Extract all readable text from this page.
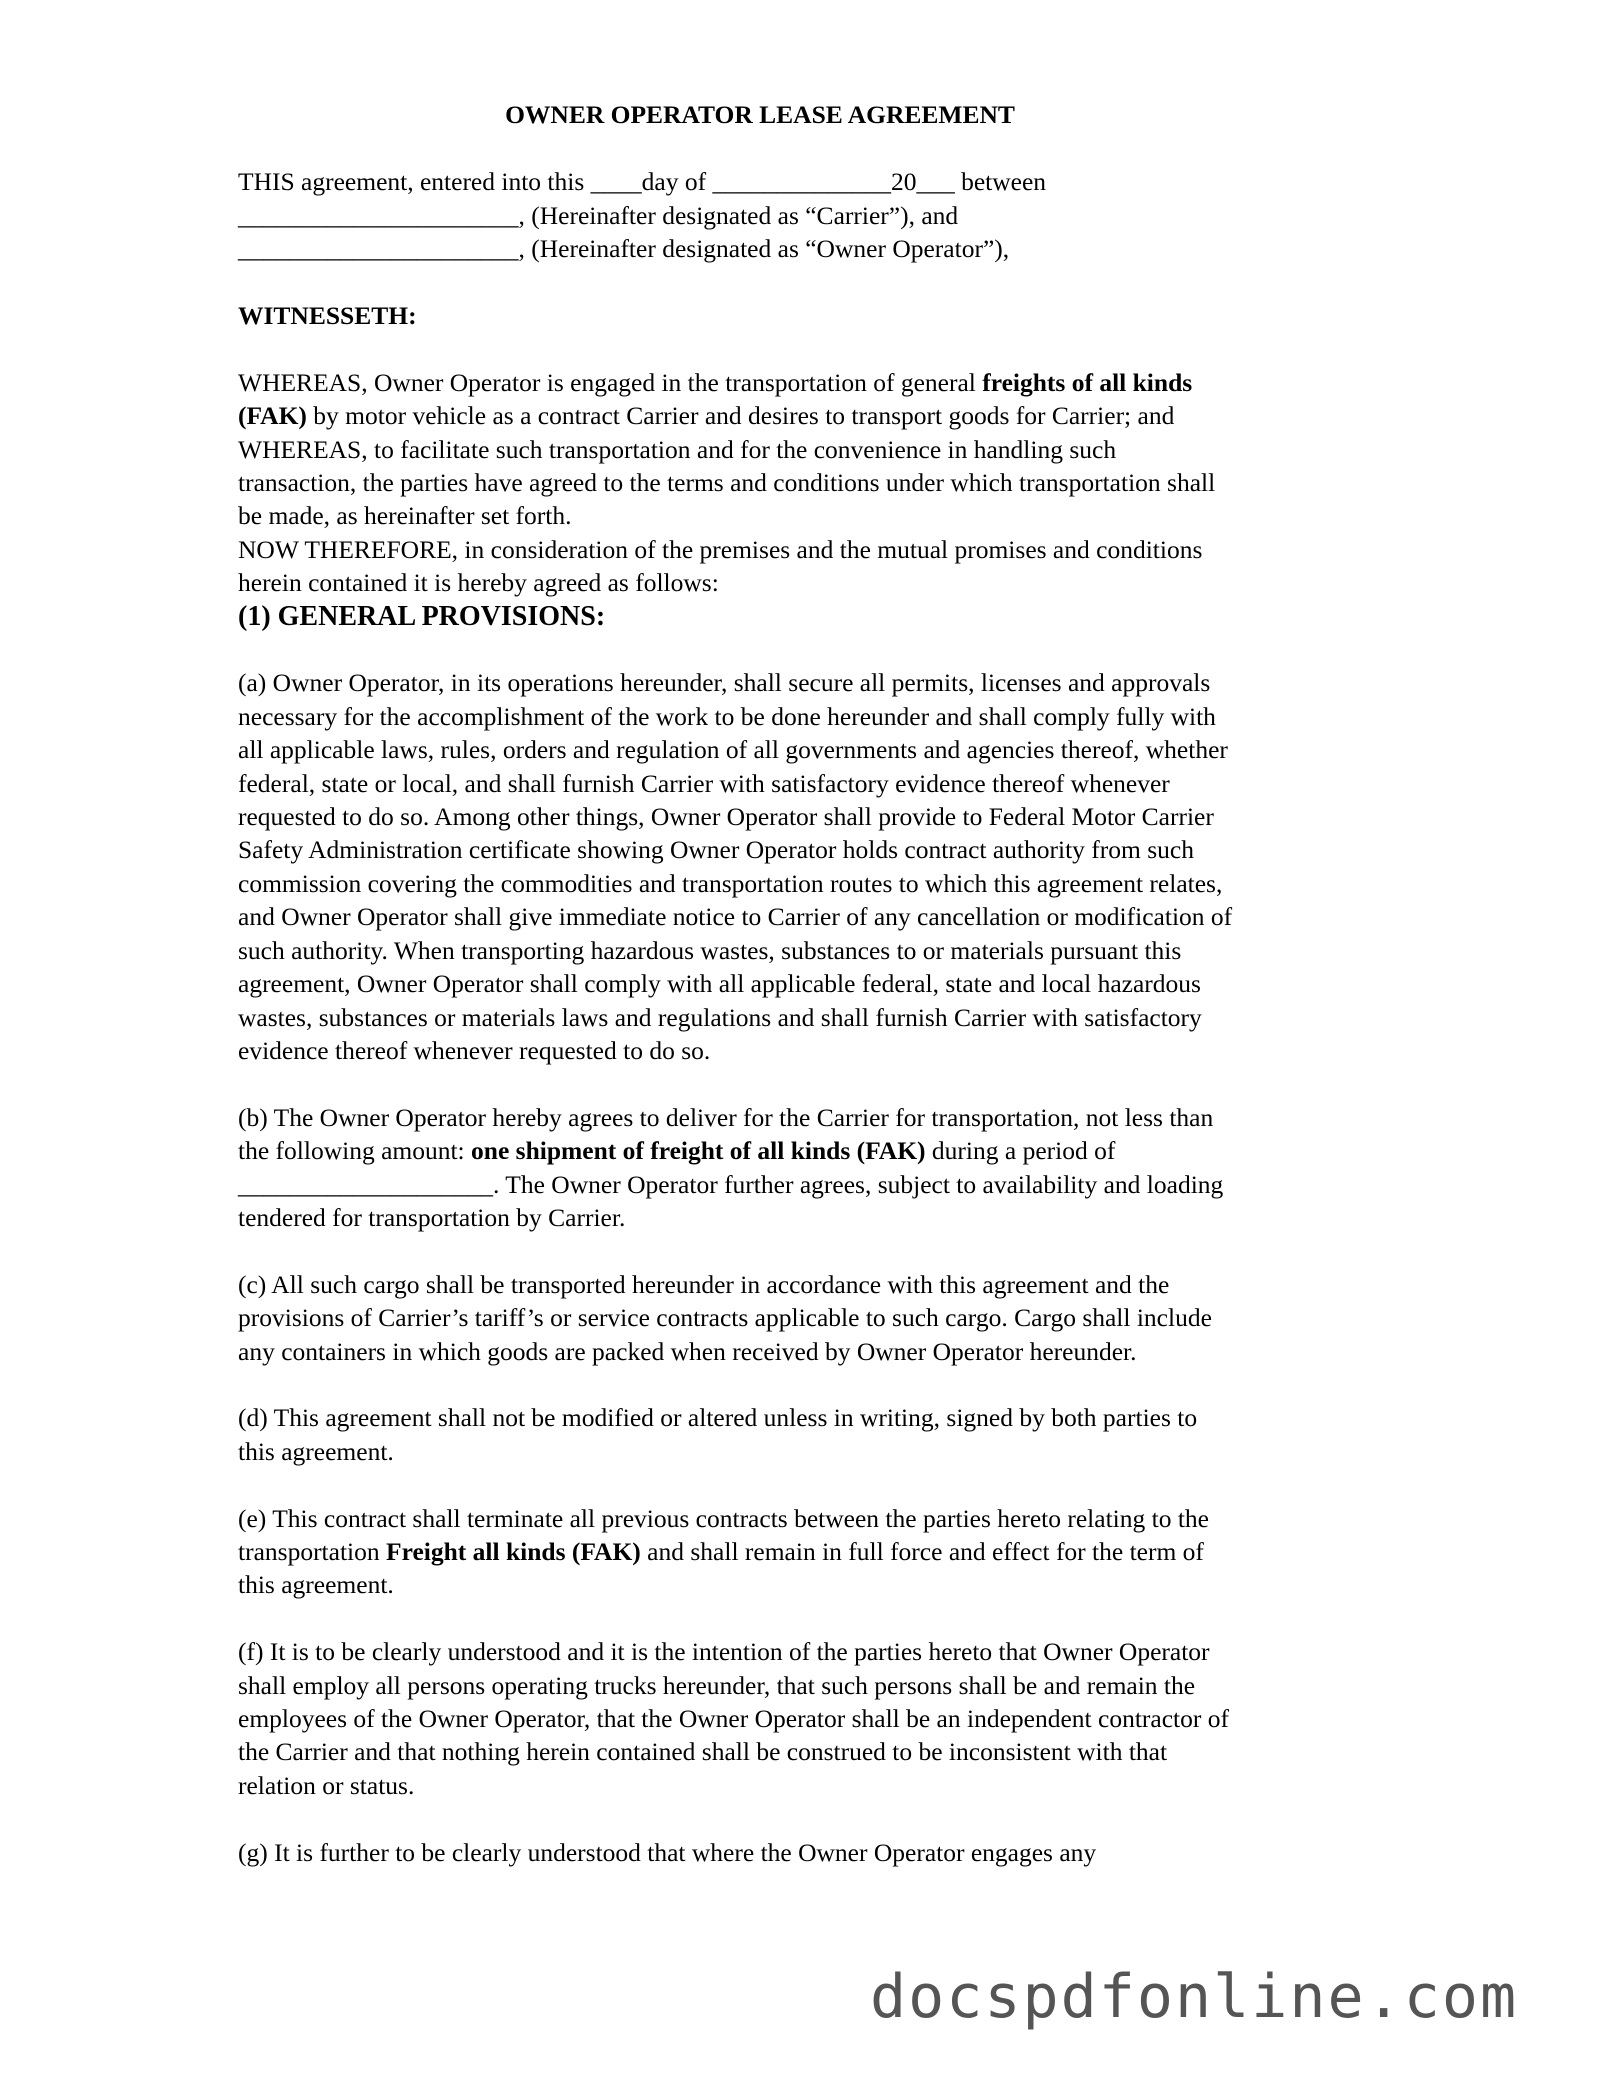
OWNER OPERATOR LEASE AGREEMENT
THIS agreement, entered into this ____day of ______________20___ between
______________________, (Hereinafter designated as “Carrier”), and
______________________, (Hereinafter designated as “Owner Operator”),
WITNESSETH:
WHEREAS, Owner Operator is engaged in the transportation of general freights of all kinds
(FAK) by motor vehicle as a contract Carrier and desires to transport goods for Carrier; and
WHEREAS, to facilitate such transportation and for the convenience in handling such
transaction, the parties have agreed to the terms and conditions under which transportation shall
be made, as hereinafter set forth.
NOW THEREFORE, in consideration of the premises and the mutual promises and conditions
herein contained it is hereby agreed as follows:
(1) GENERAL PROVISIONS:
(a) Owner Operator, in its operations hereunder, shall secure all permits, licenses and approvals
necessary for the accomplishment of the work to be done hereunder and shall comply fully with
all applicable laws, rules, orders and regulation of all governments and agencies thereof, whether
federal, state or local, and shall furnish Carrier with satisfactory evidence thereof whenever
requested to do so. Among other things, Owner Operator shall provide to Federal Motor Carrier
Safety Administration certificate showing Owner Operator holds contract authority from such
commission covering the commodities and transportation routes to which this agreement relates,
and Owner Operator shall give immediate notice to Carrier of any cancellation or modification of
such authority. When transporting hazardous wastes, substances to or materials pursuant this
agreement, Owner Operator shall comply with all applicable federal, state and local hazardous
wastes, substances or materials laws and regulations and shall furnish Carrier with satisfactory
evidence thereof whenever requested to do so.
(b) The Owner Operator hereby agrees to deliver for the Carrier for transportation, not less than
the following amount: one shipment of freight of all kinds (FAK) during a period of
____________________. The Owner Operator further agrees, subject to availability and loading
tendered for transportation by Carrier.
(c) All such cargo shall be transported hereunder in accordance with this agreement and the
provisions of Carrier’s tariff’s or service contracts applicable to such cargo. Cargo shall include
any containers in which goods are packed when received by Owner Operator hereunder.
(d) This agreement shall not be modified or altered unless in writing, signed by both parties to
this agreement.
(e) This contract shall terminate all previous contracts between the parties hereto relating to the
transportation Freight all kinds (FAK) and shall remain in full force and effect for the term of
this agreement.
(f) It is to be clearly understood and it is the intention of the parties hereto that Owner Operator
shall employ all persons operating trucks hereunder, that such persons shall be and remain the
employees of the Owner Operator, that the Owner Operator shall be an independent contractor of
the Carrier and that nothing herein contained shall be construed to be inconsistent with that
relation or status.
(g) It is further to be clearly understood that where the Owner Operator engages any
docspdfonline.com
